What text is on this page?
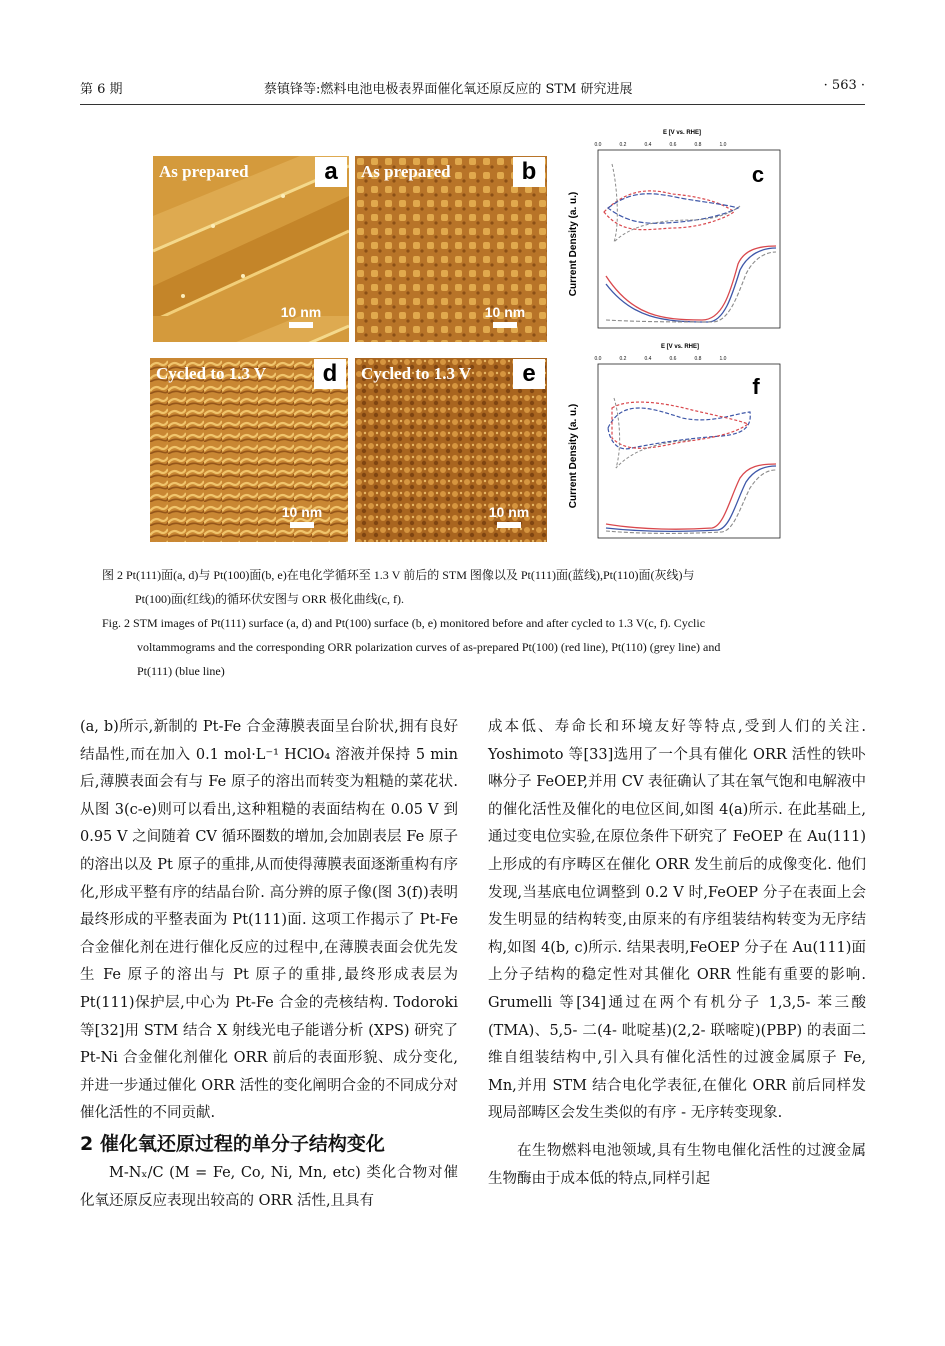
第 6 期	蔡镇锋等:燃料电池电极表界面催化氧还原反应的 STM 研究进展	· 563 ·
As prepared	a
10 nm
As prepared	b
10 nm
Cycled to 1.3 V	d
10 nm
Cycled to 1.3 V	e
10 nm
E [V vs. RHE]
0.0	0.2	0.4	0.6	0.8	1.0
Current Density (a. u.)
c
E [V vs. RHE]
0.0	0.2	0.4	0.6	0.8	1.0
Current Density (a. u.)
f
图 2 Pt(111)面(a, d)与 Pt(100)面(b, e)在电化学循环至 1.3 V 前后的 STM 图像以及 Pt(111)面(蓝线),Pt(110)面(灰线)与
Pt(100)面(红线)的循环伏安图与 ORR 极化曲线(c, f).
Fig. 2 STM images of Pt(111) surface (a, d) and Pt(100) surface (b, e) monitored before and after cycled to 1.3 V(c, f). Cyclic
voltammograms and the corresponding ORR polarization curves of as-prepared Pt(100) (red line), Pt(110) (grey line) and
Pt(111) (blue line)

(a, b)所示,新制的 Pt-Fe 合金薄膜表面呈台阶状,拥有良好结晶性,而在加入 0.1 mol·L⁻¹ HClO₄ 溶液并保持 5 min 后,薄膜表面会有与 Fe 原子的溶出而转变为粗糙的菜花状. 从图 3(c-e)则可以看出,这种粗糙的表面结构在 0.05 V 到 0.95 V 之间随着 CV 循环圈数的增加,会加剧表层 Fe 原子的溶出以及 Pt 原子的重排,从而使得薄膜表面逐渐重构有序化,形成平整有序的结晶台阶. 高分辨的原子像(图 3(f))表明最终形成的平整表面为 Pt(111)面. 这项工作揭示了 Pt-Fe 合金催化剂在进行催化反应的过程中,在薄膜表面会优先发生 Fe 原子的溶出与 Pt 原子的重排,最终形成表层为 Pt(111)保护层,中心为 Pt-Fe 合金的壳核结构. Todoroki 等[32]用 STM 结合 X 射线光电子能谱分析 (XPS) 研究了 Pt-Ni 合金催化剂催化 ORR 前后的表面形貌、成分变化,并进一步通过催化 ORR 活性的变化阐明合金的不同成分对催化活性的不同贡献.

2 催化氧还原过程的单分子结构变化

M-Nₓ/C (M = Fe, Co, Ni, Mn, etc) 类化合物对催化氧还原反应表现出较高的 ORR 活性,且具有

成本低、寿命长和环境友好等特点,受到人们的关注. Yoshimoto 等[33]选用了一个具有催化 ORR 活性的铁卟啉分子 FeOEP,并用 CV 表征确认了其在氧气饱和电解液中的催化活性及催化的电位区间,如图 4(a)所示. 在此基础上,通过变电位实验,在原位条件下研究了 FeOEP 在 Au(111)上形成的有序畴区在催化 ORR 发生前后的成像变化. 他们发现,当基底电位调整到 0.2 V 时,FeOEP 分子在表面上会发生明显的结构转变,由原来的有序组装结构转变为无序结构,如图 4(b, c)所示. 结果表明,FeOEP 分子在 Au(111)面上分子结构的稳定性对其催化 ORR 性能有重要的影响. Grumelli 等[34]通过在两个有机分子 1,3,5- 苯三酸(TMA)、5,5- 二(4- 吡啶基)(2,2- 联嘧啶)(PBP) 的表面二维自组装结构中,引入具有催化活性的过渡金属原子 Fe, Mn,并用 STM 结合电化学表征,在催化 ORR 前后同样发现局部畴区会发生类似的有序 - 无序转变现象.

在生物燃料电池领域,具有生物电催化活性的过渡金属生物酶由于成本低的特点,同样引起
